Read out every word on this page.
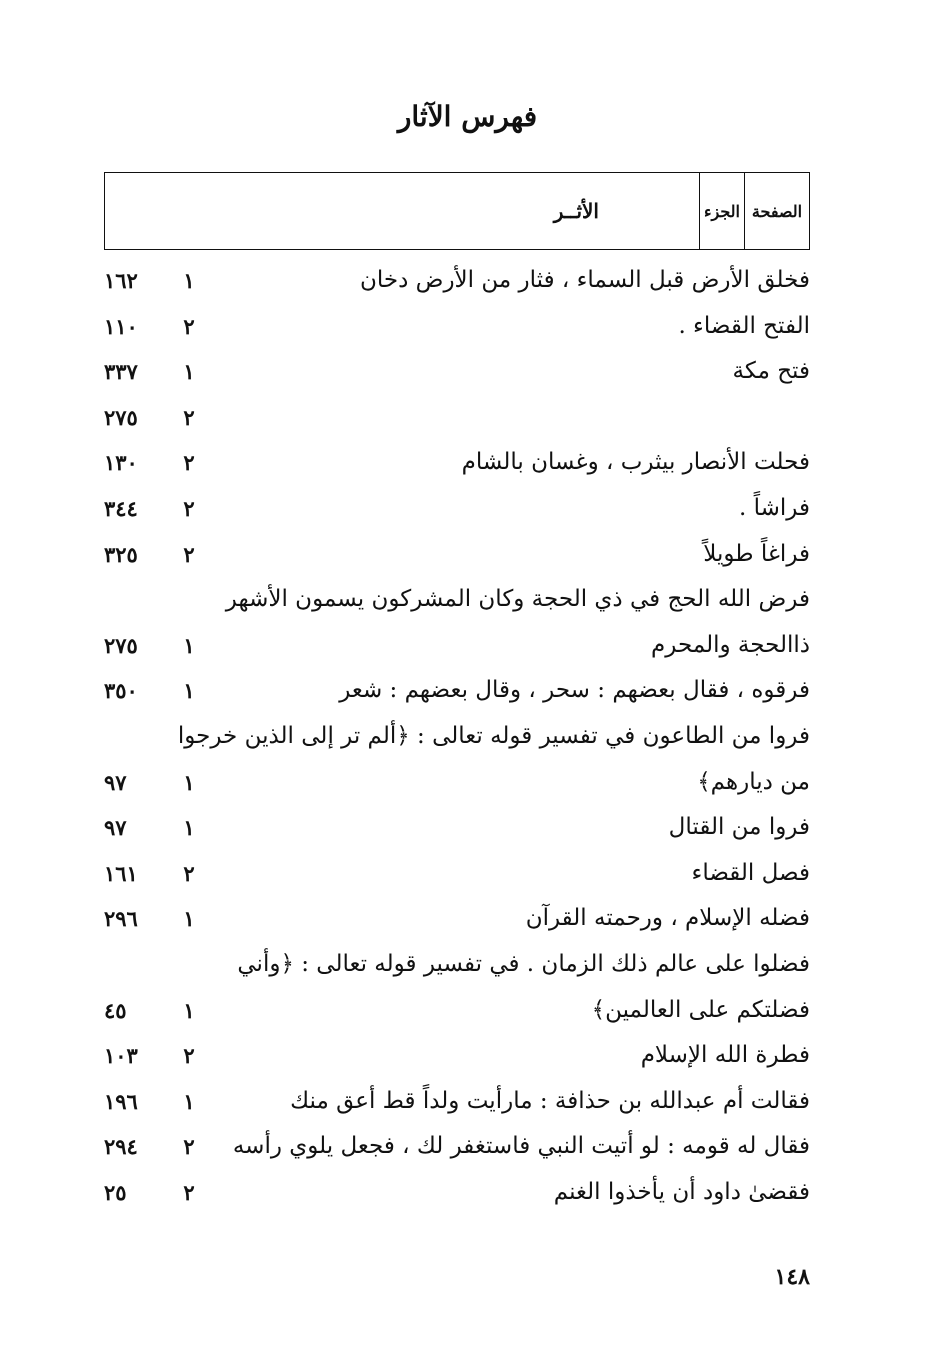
فهرس الآثار
الأثــر	الجزء الصفحة
فخلق الأرض قبل السماء ، فثار من الأرض دخان
١
١٦٢
الفتح القضاء .
٢
١١٠
فتح مكة
١
٣٣٧
٢
٢٧٥
فحلت الأنصار بيثرب ، وغسان بالشام
٢
١٣٠
فراشاً .
٢
٣٤٤
فراغاً طويلاً
٢
٣٢٥
فرض الله الحج في ذي الحجة وكان المشركون يسمون الأشهر
ذاالحجة والمحرم
١
٢٧٥
فرقوه ، فقال بعضهم : سحر ، وقال بعضهم : شعر
١
٣٥٠
فروا من الطاعون في تفسير قوله تعالى : ﴿ألم تر إلى الذين خرجوا
من ديارهم﴾
١
٩٧
فروا من القتال
١
٩٧
فصل القضاء
٢
١٦١
فضله الإسلام ، ورحمته القرآن
١
٢٩٦
فضلوا على عالم ذلك الزمان . في تفسير قوله تعالى : ﴿وأني
فضلتكم على العالمين﴾
١
٤٥
فطرة الله الإسلام
٢
١٠٣
فقالت أم عبدالله بن حذافة : مارأيت ولداً قط أعق منك
١
١٩٦
فقال له قومه : لو أتيت النبي فاستغفر لك ، فجعل يلوي رأسه
٢
٢٩٤
فقضىٰ داود أن يأخذوا الغنم
٢
٢٥
١٤٨
